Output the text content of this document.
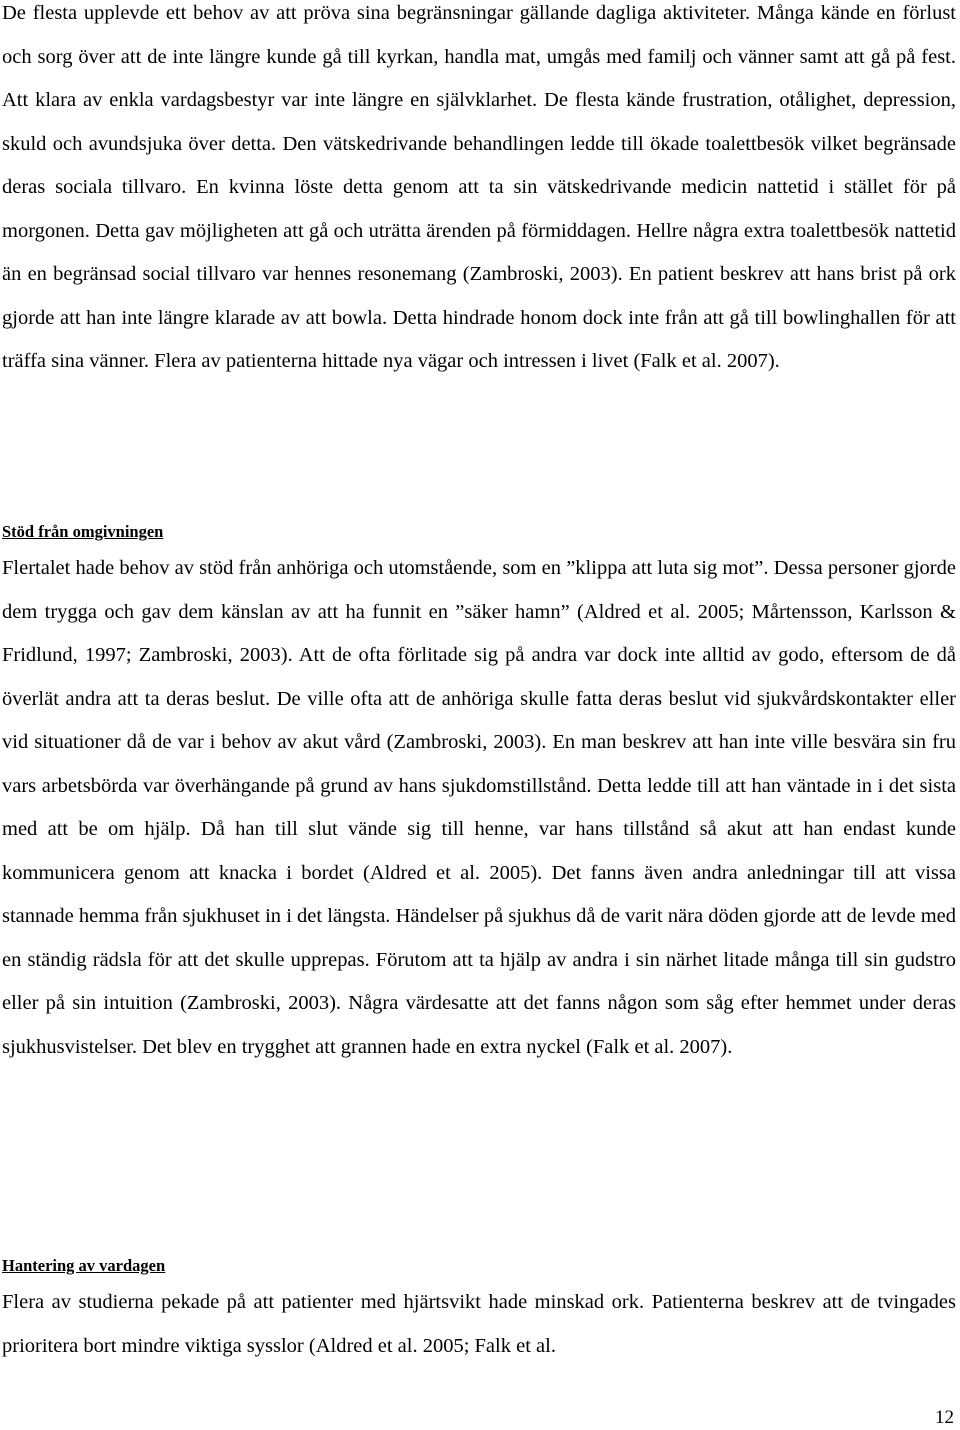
De flesta upplevde ett behov av att pröva sina begränsningar gällande dagliga aktiviteter. Många kände en förlust och sorg över att de inte längre kunde gå till kyrkan, handla mat, umgås med familj och vänner samt att gå på fest. Att klara av enkla vardagsbestyr var inte längre en självklarhet. De flesta kände frustration, otålighet, depression, skuld och avundsjuka över detta. Den vätskedrivande behandlingen ledde till ökade toalettbesök vilket begränsade deras sociala tillvaro. En kvinna löste detta genom att ta sin vätskedrivande medicin nattetid i stället för på morgonen. Detta gav möjligheten att gå och uträtta ärenden på förmiddagen. Hellre några extra toalettbesök nattetid än en begränsad social tillvaro var hennes resonemang (Zambroski, 2003). En patient beskrev att hans brist på ork gjorde att han inte längre klarade av att bowla. Detta hindrade honom dock inte från att gå till bowlinghallen för att träffa sina vänner. Flera av patienterna hittade nya vägar och intressen i livet (Falk et al. 2007).

Stöd från omgivningen

Flertalet hade behov av stöd från anhöriga och utomstående, som en ”klippa att luta sig mot”. Dessa personer gjorde dem trygga och gav dem känslan av att ha funnit en ”säker hamn” (Aldred et al. 2005; Mårtensson, Karlsson & Fridlund, 1997; Zambroski, 2003). Att de ofta förlitade sig på andra var dock inte alltid av godo, eftersom de då överlät andra att ta deras beslut. De ville ofta att de anhöriga skulle fatta deras beslut vid sjukvårdskontakter eller vid situationer då de var i behov av akut vård (Zambroski, 2003). En man beskrev att han inte ville besvära sin fru vars arbetsbörda var överhängande på grund av hans sjukdomstillstånd. Detta ledde till att han väntade in i det sista med att be om hjälp. Då han till slut vände sig till henne, var hans tillstånd så akut att han endast kunde kommunicera genom att knacka i bordet (Aldred et al. 2005). Det fanns även andra anledningar till att vissa stannade hemma från sjukhuset in i det längsta. Händelser på sjukhus då de varit nära döden gjorde att de levde med en ständig rädsla för att det skulle upprepas. Förutom att ta hjälp av andra i sin närhet litade många till sin gudstro eller på sin intuition (Zambroski, 2003). Några värdesatte att det fanns någon som såg efter hemmet under deras sjukhusvistelser. Det blev en trygghet att grannen hade en extra nyckel (Falk et al. 2007).

Hantering av vardagen

Flera av studierna pekade på att patienter med hjärtsvikt hade minskad ork. Patienterna beskrev att de tvingades prioritera bort mindre viktiga sysslor (Aldred et al. 2005; Falk et al.

12
